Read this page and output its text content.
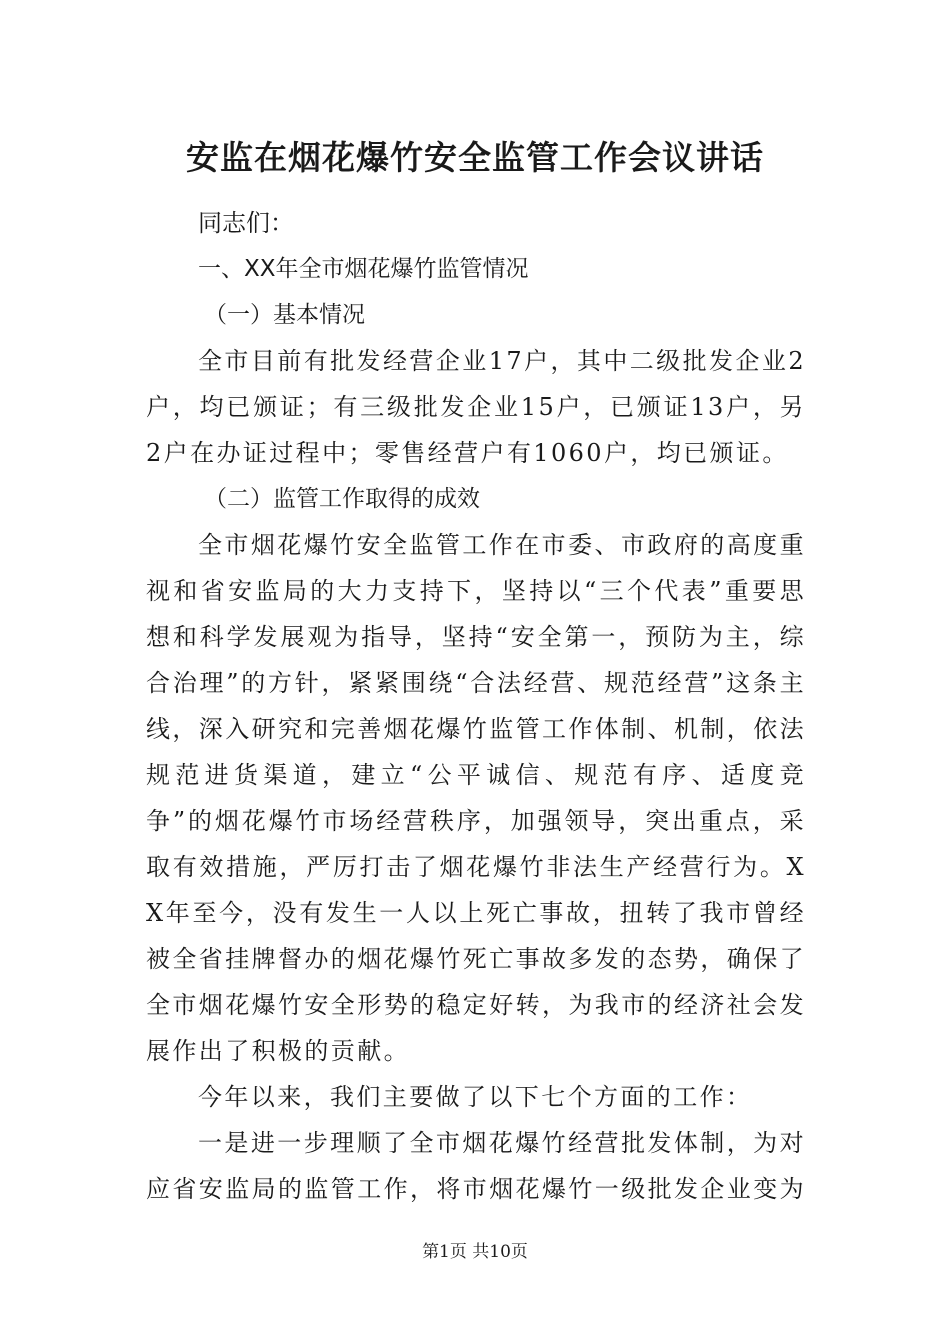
安监在烟花爆竹安全监管工作会议讲话

同志们：

一、XX年全市烟花爆竹监管情况

（一）基本情况

全市目前有批发经营企业17户，其中二级批发企业2户，均已颁证；有三级批发企业15户，已颁证13户，另2户在办证过程中；零售经营户有1060户，均已颁证。

（二）监管工作取得的成效

全市烟花爆竹安全监管工作在市委、市政府的高度重视和省安监局的大力支持下，坚持以“三个代表”重要思想和科学发展观为指导，坚持“安全第一，预防为主，综合治理”的方针，紧紧围绕“合法经营、规范经营”这条主线，深入研究和完善烟花爆竹监管工作体制、机制，依法规范进货渠道，建立“公平诚信、规范有序、适度竞争”的烟花爆竹市场经营秩序，加强领导，突出重点，采取有效措施，严厉打击了烟花爆竹非法生产经营行为。XX年至今，没有发生一人以上死亡事故，扭转了我市曾经被全省挂牌督办的烟花爆竹死亡事故多发的态势，确保了全市烟花爆竹安全形势的稳定好转，为我市的经济社会发展作出了积极的贡献。

今年以来，我们主要做了以下七个方面的工作：

一是进一步理顺了全市烟花爆竹经营批发体制，为对应省安监局的监管工作，将市烟花爆竹一级批发企业变为

第1页 共10页
